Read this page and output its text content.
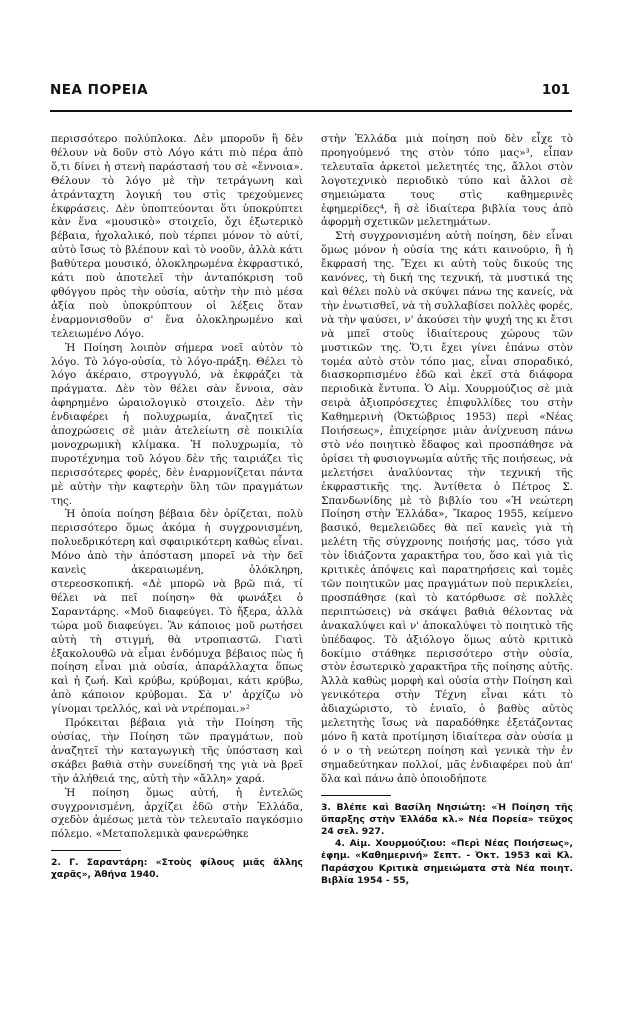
ΝΕΑ ΠΟΡΕΙΑ	101

περισσότερο πολύπλοκα. Δὲν μποροῦν ἢ δὲν θέλουν νὰ δοῦν στὸ Λόγο κάτι πιὸ πέρα ἀπὸ ὅ,τι δίνει ἡ στενὴ παράστασή του σὲ «ἔννοια». Θέλουν τὸ λόγο μὲ τὴν τετράγωνη καὶ ἀτράνταχτη λογική του στὶς τρεχούμενες ἐκφράσεις. Δὲν ὑποπτεύονται ὅτι ὑποκρύπτει κὰν ἕνα «μουσικὸ» στοιχεῖο, ὄχι ἐξωτερικὸ βέβαια, ἠχολαλικό, ποὺ τέρπει μόνον τὸ αὐτί, αὐτὸ ἴσως τὸ βλέπουν καὶ τὸ νοοῦν, ἀλλὰ κάτι βαθύτερα μουσικό, ὁλοκληρωμένα ἐκφραστικό, κάτι ποὺ ἀποτελεῖ τὴν ἀνταπόκριση τοῦ φθόγγου πρὸς τὴν οὐσία, αὐτὴν τὴν πιὸ μέσα ἀξία ποὺ ὑποκρύπτουν οἱ λέξεις ὅταν ἐναρμονισθοῦν σ' ἕνα ὁλοκληρωμένο καὶ τελειωμένο Λόγο.

Ἡ Ποίηση λοιπὸν σήμερα νοεῖ αὐτὸν τὸ λόγο. Τὸ λόγο-οὐσία, τὸ λόγο-πράξη. Θέλει τὸ λόγο ἀκέραιο, στρογγυλό, νὰ ἐκφράζει τὰ πράγματα. Δὲν τὸν θέλει σὰν ἔννοια, σὰν ἀφηρημένο ὡραιολογικὸ στοιχεῖο. Δὲν τὴν ἐνδιαφέρει ἡ πολυχρωμία, ἀναζητεῖ τὶς ἀποχρώσεις σὲ μιὰν ἀτελείωτη σὲ ποικιλία μονοχρωμικὴ κλίμακα. Ἡ πολυχρωμία, τὸ πυροτέχνημα τοῦ λόγου δὲν τῆς ταιριάζει τὶς περισσότερες φορές, δὲν ἐναρμονίζεται πάντα μὲ αὐτὴν τὴν καφτερὴν ὕλη τῶν πραγμάτων της.

Ἡ ὁποία ποίηση βέβαια δὲν ὁρίζεται, πολὺ περισσότερο ὅμως ἀκόμα ἡ συγχρονισμένη, πολυεδρικότερη καὶ σφαιρικότερη καθὼς εἶναι. Μόνο ἀπὸ τὴν ἀπόσταση μπορεῖ νὰ τὴν δεῖ κανεὶς ἀκεραιωμένη, ὁλόκληρη, στερεοσκοπική. «Δὲ μπορῶ νὰ βρῶ πιά, τί θέλει νὰ πεῖ ποίηση» θὰ φωνάξει ὁ Σαραντάρης. «Μοῦ διαφεύγει. Τὸ ἤξερα, ἀλλὰ τώρα μοῦ διαφεύγει. Ἂν κάποιος μοῦ ρωτήσει αὐτὴ τὴ στιγμή, θὰ ντροπιαστῶ. Γιατὶ ἐξακολουθῶ νὰ εἶμαι ἐνδόμυχα βέβαιος πὼς ἡ ποίηση εἶναι μιὰ οὐσία, ἀπαράλλαχτα ὅπως καὶ ἡ ζωή. Καὶ κρύβω, κρύβομαι, κάτι κρύβω, ἀπὸ κάποιον κρύβομαι. Σὰ ν' ἀρχίζω νὸ γίνομαι τρελλός, καὶ νὰ ντρέπομαι.»²

Πρόκειται βέβαια γιὰ τὴν Ποίηση τῆς οὐσίας, τὴν Ποίηση τῶν πραγμάτων, ποὺ ἀναζητεῖ τὴν καταγωγικὴ τῆς ὑπόσταση καὶ σκάβει βαθιὰ στὴν συνείδησή της γιὰ νὰ βρεῖ τὴν ἀλήθειά της, αὐτὴ τὴν «ἄλλη» χαρά.

Ἡ ποίηση ὅμως αὐτή, ἡ ἐντελῶς συγχρονισμένη, ἀρχίζει ἐδῶ στὴν Ἑλλάδα, σχεδὸν ἀμέσως μετὰ τὸν τελευταῖο παγκόσμιο πόλεμο. «Μεταπολεμικὰ φανερώθηκε

2. Γ. Σαραντάρη: «Στοὺς φίλους μιᾶς ἄλλης χαρᾶς», Ἀθήνα 1940.

στὴν Ἑλλάδα μιὰ ποίηση ποὺ δὲν εἶχε τὸ προηγούμενό της στὸν τόπο μας»³, εἶπαν τελευταῖα ἀρκετοὶ μελετητές της, ἄλλοι στὸν λογοτεχνικὸ περιοδικὸ τύπο καὶ ἄλλοι σὲ σημειώματα τους στὶς καθημερινὲς ἐφημερίδες⁴, ἢ σὲ ἰδιαίτερα βιβλία τους ἀπὸ ἀφορμὴ σχετικῶν μελετημάτων.

Στὴ συγχρονισμένη αὐτὴ ποίηση, δὲν εἶναι ὅμως μόνον ἡ οὐσία της κάτι καινούριο, ἢ ἡ ἔκφρασή της. Ἔχει κι αὐτὴ τοὺς δικούς της κανόνες, τὴ δική της τεχνική, τὰ μυστικά της καὶ θέλει πολὺ νὰ σκύψει πάνω της κανείς, νὰ τὴν ἐνωτισθεῖ, νὰ τὴ συλλαβίσει πολλὲς φορές, νὰ τὴν ψαύσει, ν' ἀκούσει τὴν ψυχή της κι ἔτσι νὰ μπεῖ στοὺς ἰδιαίτερους χώρους τῶν μυστικῶν της. Ὅ,τι ἔχει γίνει ἐπάνω στὸν τομέα αὐτὸ στὸν τόπο μας, εἶναι σποραδικό, διασκορπισμένο ἐδῶ καὶ ἐκεῖ στὰ διάφορα περιοδικὰ ἔντυπα. Ὁ Αἰμ. Χουρμούζιος σὲ μιὰ σειρὰ ἀξιοπρόσεχτες ἐπιφυλλίδες του στὴν Καθημερινὴ (Ὀκτώβριος 1953) περὶ «Νέας Ποιήσεως», ἐπιχείρησε μιὰν ἀνίχνευση πάνω στὸ νέο ποιητικὸ ἔδαφος καὶ προσπάθησε νὰ ὁρίσει τὴ φυσιογνωμία αὐτῆς τῆς ποιήσεως, νὰ μελετήσει ἀναλύοντας τὴν τεχνική τῆς ἐκφραστικῆς της. Ἀντίθετα ὁ Πέτρος Σ. Σπανδωνίδης μὲ τὸ βιβλίο του «Ἡ νεώτερη Ποίηση στὴν Ἑλλάδα», Ἴκαρος 1955, κείμενο βασικό, θεμελειῶδες θὰ πεῖ κανεὶς γιὰ τὴ μελέτη τῆς σύγχρονης ποιήσής μας, τόσο γιὰ τὸν ἰδιάζοντα χαρακτῆρα του, ὅσο καὶ γιὰ τὶς κριτικὲς ἀπόψεις καὶ παρατηρήσεις καὶ τομὲς τῶν ποιητικῶν μας πραγμάτων ποὺ περικλείει, προσπάθησε (καὶ τὸ κατόρθωσε σὲ πολλὲς περιπτώσεις) νὰ σκάψει βαθιὰ θέλοντας νὰ ἀνακαλύψει καὶ ν' ἀποκαλύψει τὸ ποιητικὸ τῆς ὑπέδαφος. Τὸ ἀξιόλογο ὅμως αὐτὸ κριτικὸ δοκίμιο στάθηκε περισσότερο στὴν οὐσία, στὸν ἐσωτερικὸ χαρακτῆρα τῆς ποίησης αὐτῆς. Ἀλλὰ καθὼς μορφὴ καὶ οὐσία στὴν Ποίηση καὶ γενικότερα στὴν Τέχνη εἶναι κάτι τὸ ἀδιαχώριστο, τὸ ἑνιαῖο, ὁ βαθὺς αὐτὸς μελετητὴς ἴσως νὰ παραδόθηκε ἐξετάζοντας μόνο ἢ κατὰ προτίμηση ἰδιαίτερα σὰν οὐσία μ ό ν ο τὴ νεώτερη ποίηση καὶ γενικὰ τὴν ἐν σημαδεύτηκαν πολλοί, μᾶς ἐνδιαφέρει ποὺ ἀπ' ὅλα καὶ πάνω ἀπὸ ὁποιοδήποτε

3. Βλέπε καὶ Βασίλη Νησιώτη: «Ἡ Ποίηση τῆς ὕπαρξης στὴν Ἑλλάδα κλ.» Νέα Πορεία» τεῦχος 24 σελ. 927.

4. Αἰμ. Χουρμούζιου: «Περὶ Νέας Ποιήσεως», ἐφημ. «Καθημερινή» Σεπτ. - Ὀκτ. 1953 καὶ Κλ. Παράσχου Κριτικὰ σημειώματα στὰ Νέα ποιητ. Βιβλία 1954 - 55,
